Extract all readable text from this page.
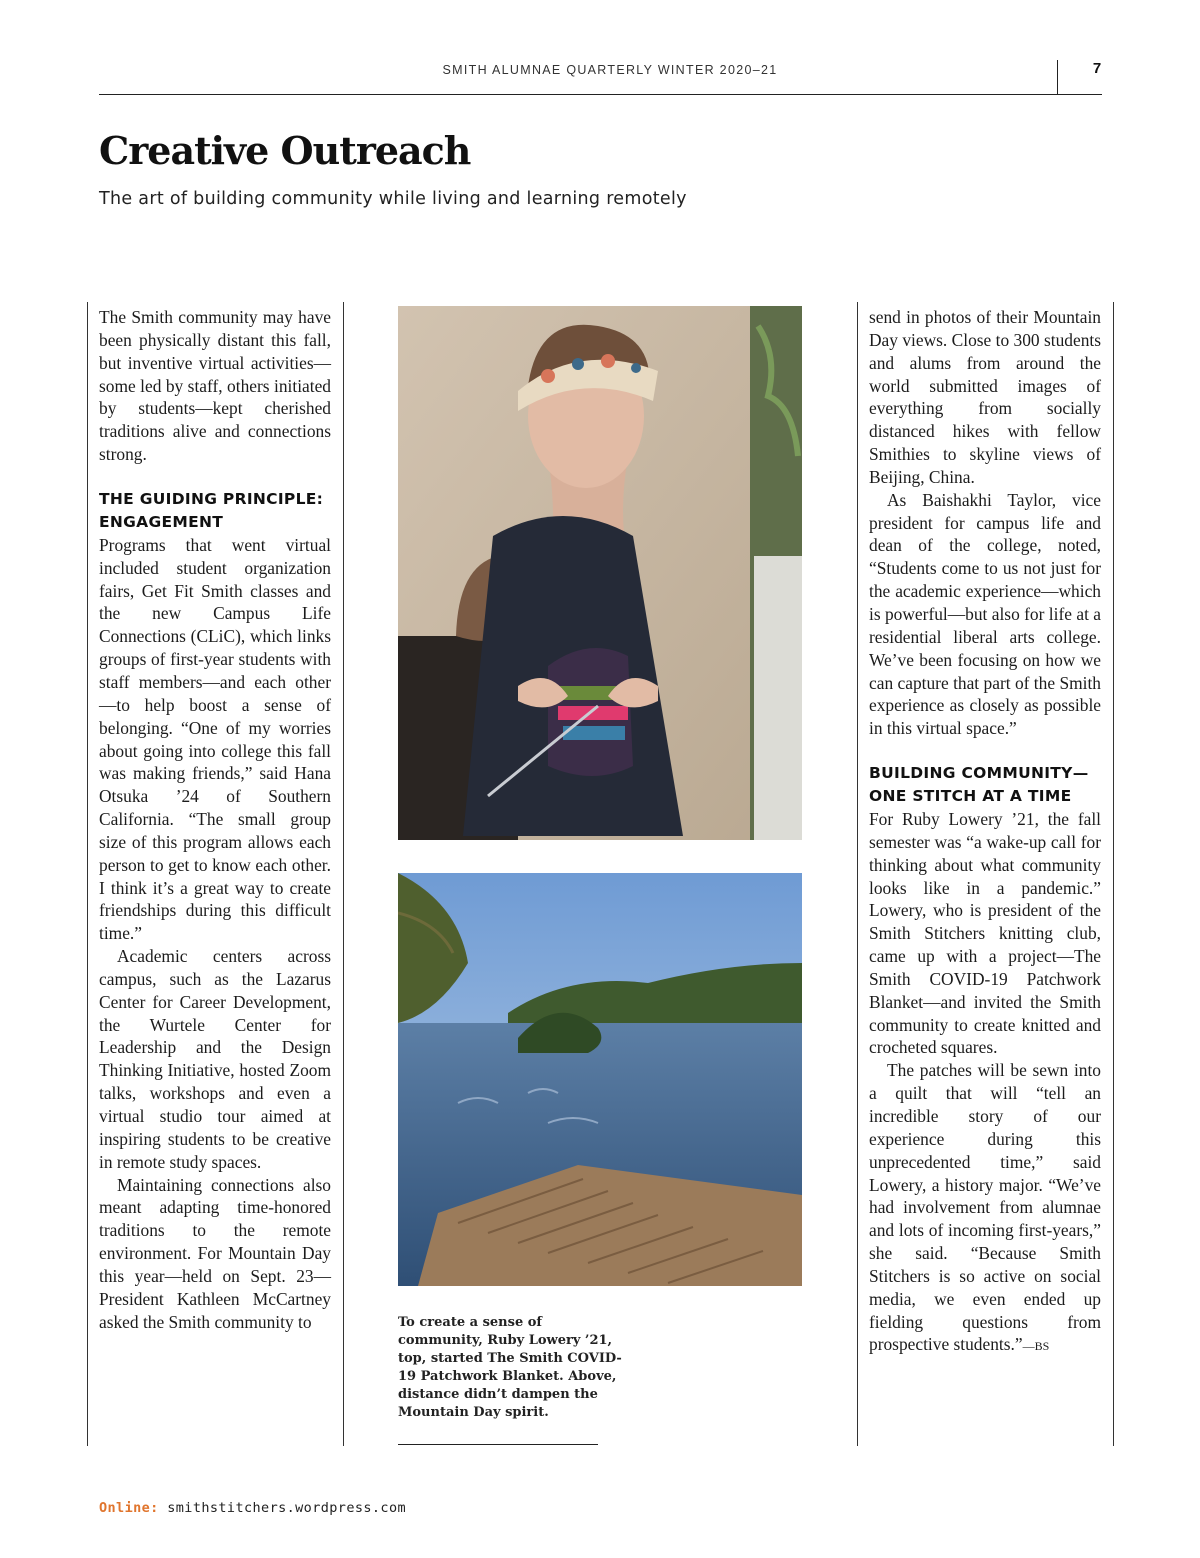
SMITH ALUMNAE QUARTERLY WINTER 2020–21	7
Creative Outreach

The art of building community while living and learning remotely

The Smith community may have been physically distant this fall, but inventive virtual activities—some led by staff, others initiated by students—kept cherished traditions alive and connections strong.

THE GUIDING PRINCIPLE: ENGAGEMENT

Programs that went virtual included student organization fairs, Get Fit Smith classes and the new Campus Life Connections (CLiC), which links groups of first-year students with staff members—and each other—to help boost a sense of belonging. “One of my worries about going into college this fall was making friends,” said Hana Otsuka ’24 of Southern California. “The small group size of this program allows each person to get to know each other. I think it’s a great way to create friendships during this difficult time.”

Academic centers across campus, such as the Lazarus Center for Career Development, the Wurtele Center for Leadership and the Design Thinking Initiative, hosted Zoom talks, workshops and even a virtual studio tour aimed at inspiring students to be creative in remote study spaces.

Maintaining connections also meant adapting time-honored traditions to the remote environment. For Mountain Day this year—held on Sept. 23—President Kathleen McCartney asked the Smith community to	To create a sense of community, Ruby Lowery ’21, top, started The Smith COVID-19 Patchwork Blanket. Above, distance didn’t dampen the Mountain Day spirit.

send in photos of their Mountain Day views. Close to 300 students and alums from around the world submitted images of everything from socially distanced hikes with fellow Smithies to skyline views of Beijing, China.

As Baishakhi Taylor, vice president for campus life and dean of the college, noted, “Students come to us not just for the academic experience—which is powerful—but also for life at a residential liberal arts college. We’ve been focusing on how we can capture that part of the Smith experience as closely as possible in this virtual space.”

BUILDING COMMUNITY—ONE STITCH AT A TIME

For Ruby Lowery ’21, the fall semester was “a wake-up call for thinking about what community looks like in a pandemic.” Lowery, who is president of the Smith Stitchers knitting club, came up with a project—The Smith COVID-19 Patchwork Blanket—and invited the Smith community to create knitted and crocheted squares.

The patches will be sewn into a quilt that will “tell an incredible story of our experience during this unprecedented time,” said Lowery, a history major. “We’ve had involvement from alumnae and lots of incoming first-years,” she said. “Because Smith Stitchers is so active on social media, we even ended up fielding questions from prospective students.”—BS

Online: smithstitchers.wordpress.com
